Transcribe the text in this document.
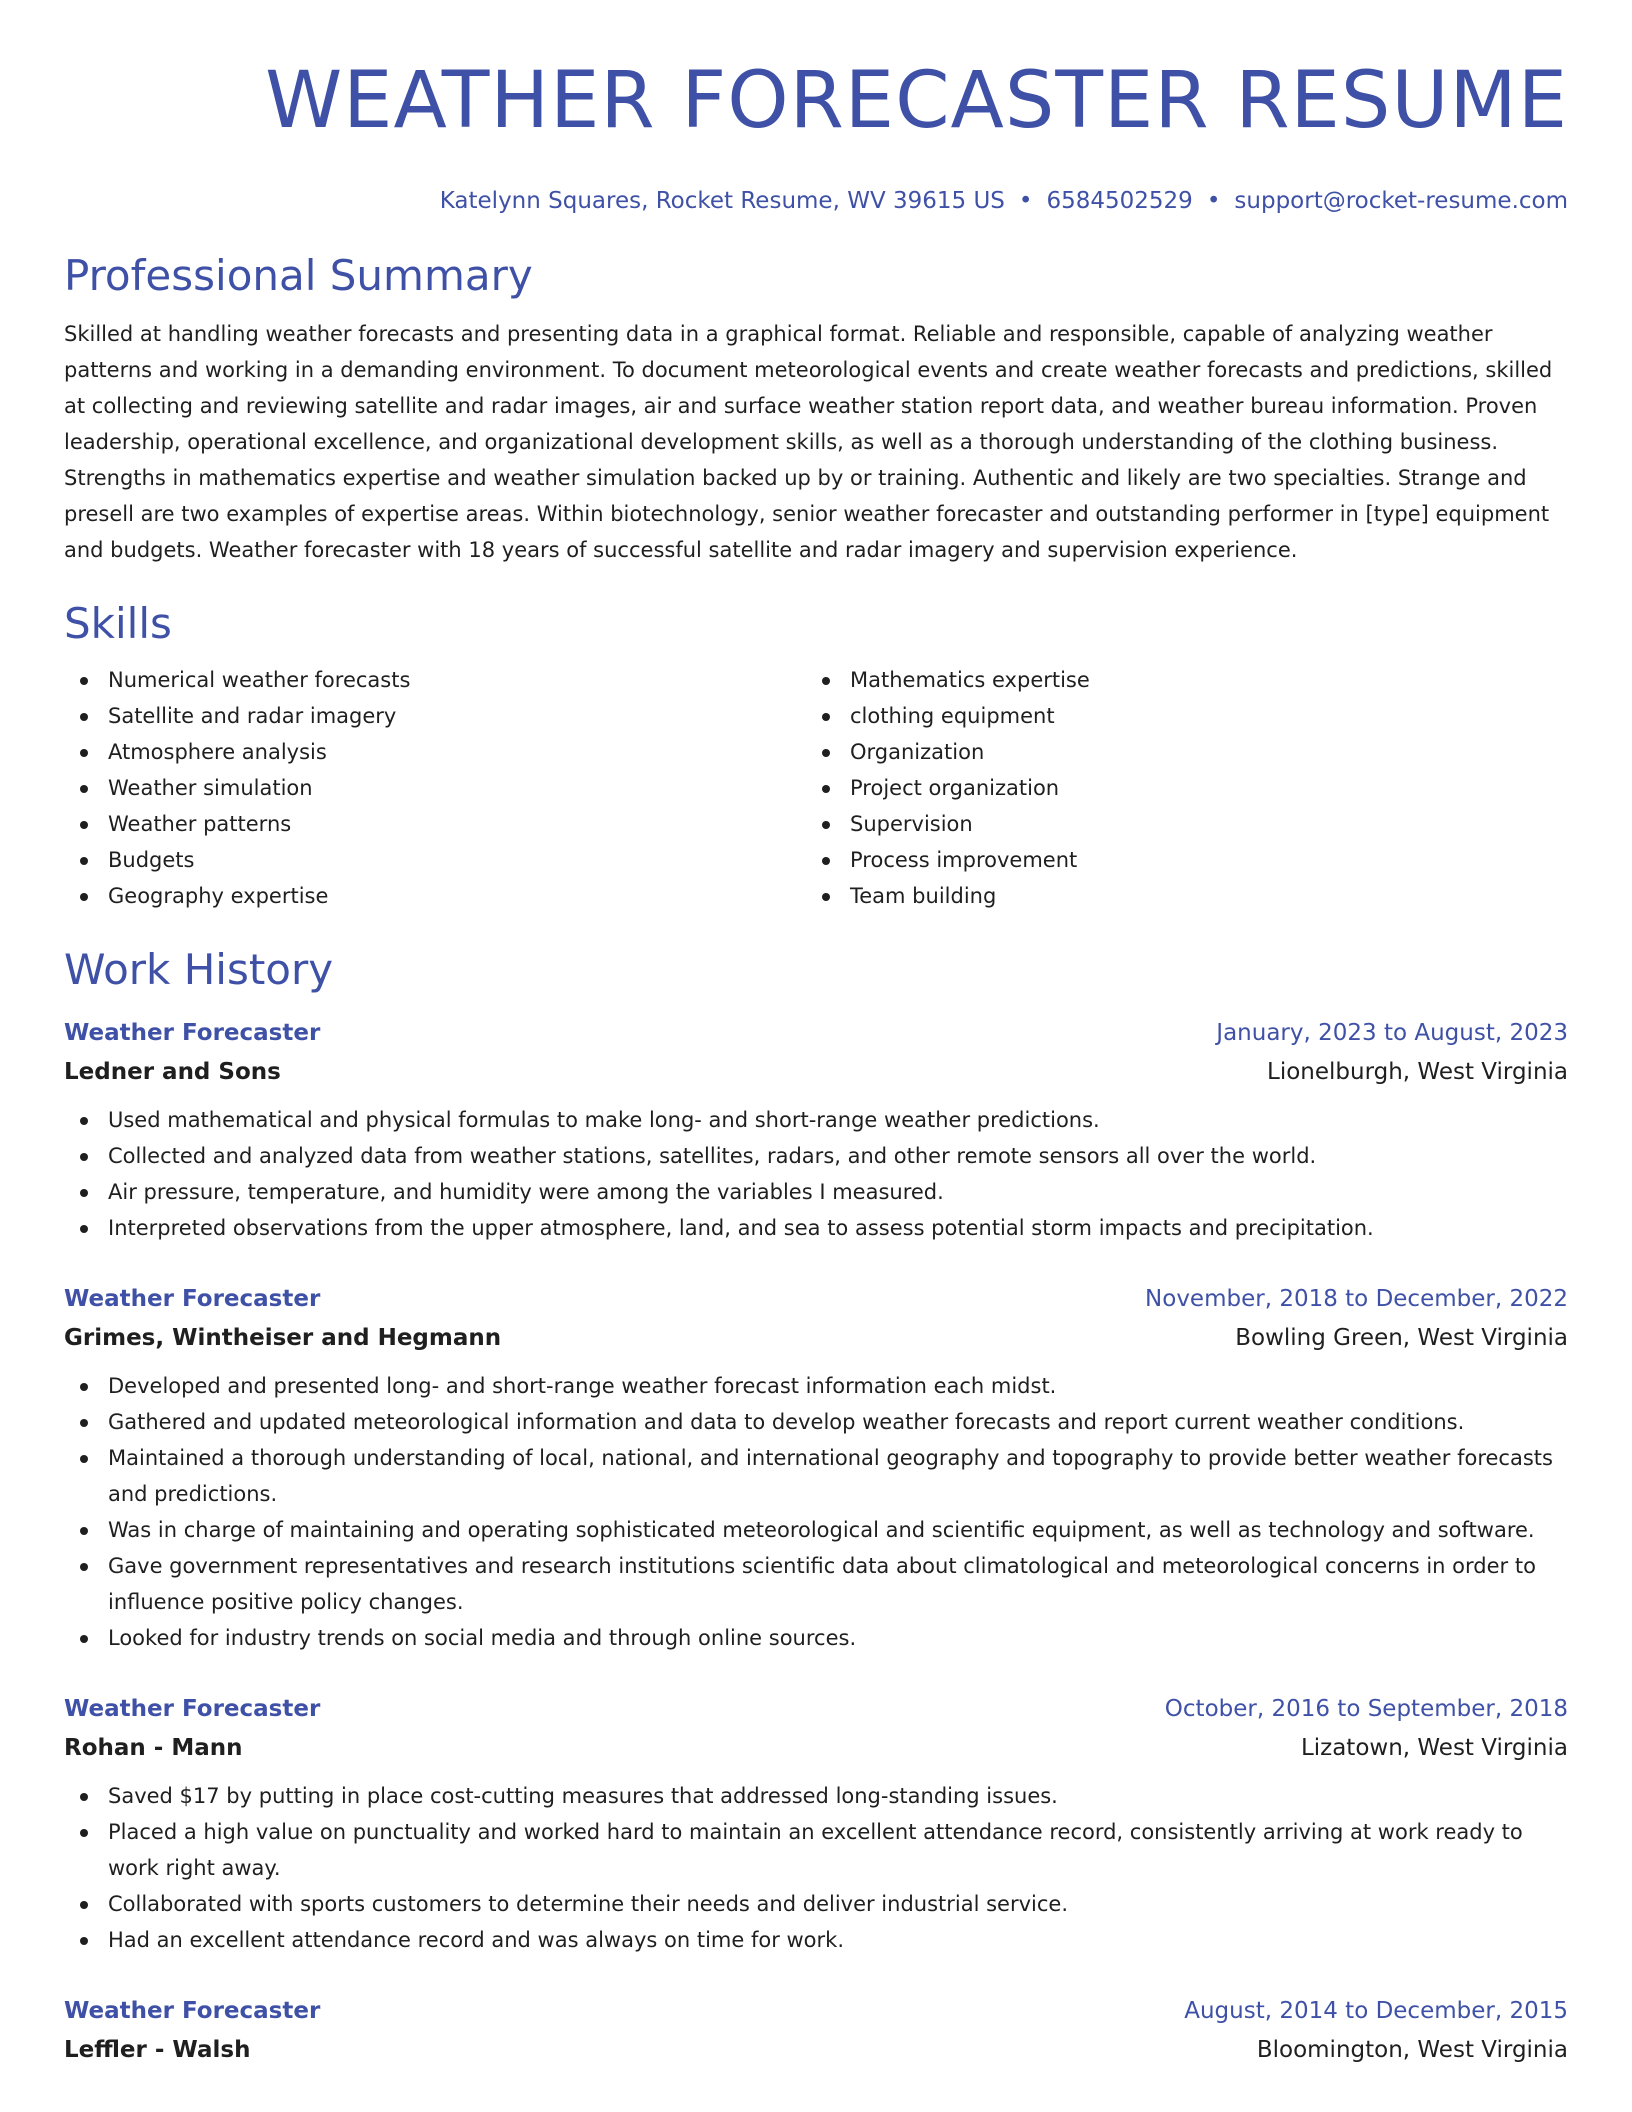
WEATHER FORECASTER RESUME
Katelynn Squares, Rocket Resume, WV 39615 US • 6584502529 • support@rocket-resume.com
Professional Summary

Skilled at handling weather forecasts and presenting data in a graphical format. Reliable and responsible, capable of analyzing weather patterns and working in a demanding environment. To document meteorological events and create weather forecasts and predictions, skilled at collecting and reviewing satellite and radar images, air and surface weather station report data, and weather bureau information. Proven leadership, operational excellence, and organizational development skills, as well as a thorough understanding of the clothing business. Strengths in mathematics expertise and weather simulation backed up by or training. Authentic and likely are two specialties. Strange and presell are two examples of expertise areas. Within biotechnology, senior weather forecaster and outstanding performer in [type] equipment and budgets. Weather forecaster with 18 years of successful satellite and radar imagery and supervision experience.

Skills
Numerical weather forecasts
Satellite and radar imagery
Atmosphere analysis
Weather simulation
Weather patterns
Budgets
Geography expertise
Mathematics expertise
clothing equipment
Organization
Project organization
Supervision
Process improvement
Team building
Work History
Weather Forecaster	January, 2023 to August, 2023
Ledner and Sons	Lionelburgh, West Virginia
Used mathematical and physical formulas to make long- and short-range weather predictions.
Collected and analyzed data from weather stations, satellites, radars, and other remote sensors all over the world.
Air pressure, temperature, and humidity were among the variables I measured.
Interpreted observations from the upper atmosphere, land, and sea to assess potential storm impacts and precipitation.
Weather Forecaster	November, 2018 to December, 2022
Grimes, Wintheiser and Hegmann	Bowling Green, West Virginia
Developed and presented long- and short-range weather forecast information each midst.
Gathered and updated meteorological information and data to develop weather forecasts and report current weather conditions.
Maintained a thorough understanding of local, national, and international geography and topography to provide better weather forecasts and predictions.
Was in charge of maintaining and operating sophisticated meteorological and scientific equipment, as well as technology and software.
Gave government representatives and research institutions scientific data about climatological and meteorological concerns in order to influence positive policy changes.
Looked for industry trends on social media and through online sources.
Weather Forecaster	October, 2016 to September, 2018
Rohan - Mann	Lizatown, West Virginia
Saved $17 by putting in place cost-cutting measures that addressed long-standing issues.
Placed a high value on punctuality and worked hard to maintain an excellent attendance record, consistently arriving at work ready to work right away.
Collaborated with sports customers to determine their needs and deliver industrial service.
Had an excellent attendance record and was always on time for work.
Weather Forecaster	August, 2014 to December, 2015
Leffler - Walsh	Bloomington, West Virginia
